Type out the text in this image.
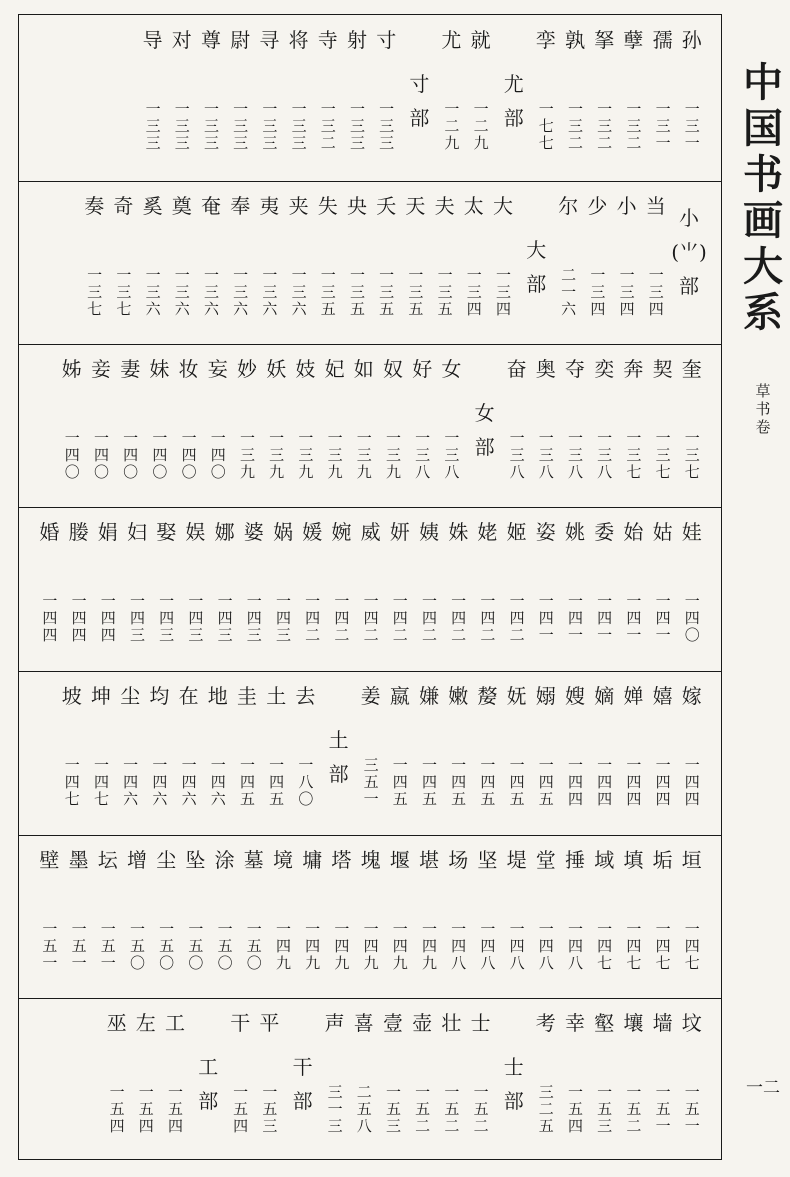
孙
一
三
一
孺
一
三
一
孽
一
三
二
拏
一
三
二
孰
一
三
二
孪
一
七
七
尤
部
就
一
二
九
尤
一
二
九
寸
部
寸
一
三
三
射
一
三
三
寺
一
三
二
将
一
三
三
寻
一
三
三
尉
一
三
三
尊
一
三
三
对
一
三
三
导
一
三
三
小
(⺌)
部
当
一
三
四
小
一
三
四
少
一
三
四
尔
二
一
六
大
部
大
一
三
四
太
一
三
四
夫
一
三
五
天
一
三
五
夭
一
三
五
央
一
三
五
失
一
三
五
夹
一
三
六
夷
一
三
六
奉
一
三
六
奄
一
三
六
奠
一
三
六
奚
一
三
六
奇
一
三
七
奏
一
三
七
奎
一
三
七
契
一
三
七
奔
一
三
七
奕
一
三
八
夺
一
三
八
奥
一
三
八
奋
一
三
八
女
部
女
一
三
八
好
一
三
八
奴
一
三
九
如
一
三
九
妃
一
三
九
妓
一
三
九
妖
一
三
九
妙
一
三
九
妄
一
四
〇
妆
一
四
〇
妹
一
四
〇
妻
一
四
〇
妾
一
四
〇
姊
一
四
〇
娃
一
四
〇
姑
一
四
一
始
一
四
一
委
一
四
一
姚
一
四
一
姿
一
四
一
姬
一
四
二
姥
一
四
二
姝
一
四
二
姨
一
四
二
妍
一
四
二
威
一
四
二
婉
一
四
二
媛
一
四
二
娲
一
四
三
婆
一
四
三
娜
一
四
三
娱
一
四
三
娶
一
四
三
妇
一
四
三
娟
一
四
四
媵
一
四
四
婚
一
四
四
嫁
一
四
四
嬉
一
四
四
婵
一
四
四
嫡
一
四
四
嫂
一
四
四
嫋
一
四
五
妩
一
四
五
嫠
一
四
五
嫩
一
四
五
嫌
一
四
五
嬴
一
四
五
姜
三
五
一
土
部
去
一
八
〇
土
一
四
五
圭
一
四
五
地
一
四
六
在
一
四
六
均
一
四
六
尘
一
四
六
坤
一
四
七
坡
一
四
七
垣
一
四
七
垢
一
四
七
填
一
四
七
域
一
四
七
捶
一
四
八
堂
一
四
八
堤
一
四
八
坚
一
四
八
场
一
四
八
堪
一
四
九
堰
一
四
九
塊
一
四
九
塔
一
四
九
墉
一
四
九
境
一
四
九
墓
一
五
〇
涂
一
五
〇
坠
一
五
〇
尘
一
五
〇
增
一
五
〇
坛
一
五
一
墨
一
五
一
壁
一
五
一
坟
一
五
一
墙
一
五
一
壤
一
五
二
壑
一
五
三
幸
一
五
四
考
三
二
五
士
部
士
一
五
二
壮
一
五
二
壶
一
五
二
壹
一
五
三
喜
二
五
八
声
三
一
三
干
部
平
一
五
三
干
一
五
四
工
部
工
一
五
四
左
一
五
四
巫
一
五
四
中国书画大系
草书卷
一二
